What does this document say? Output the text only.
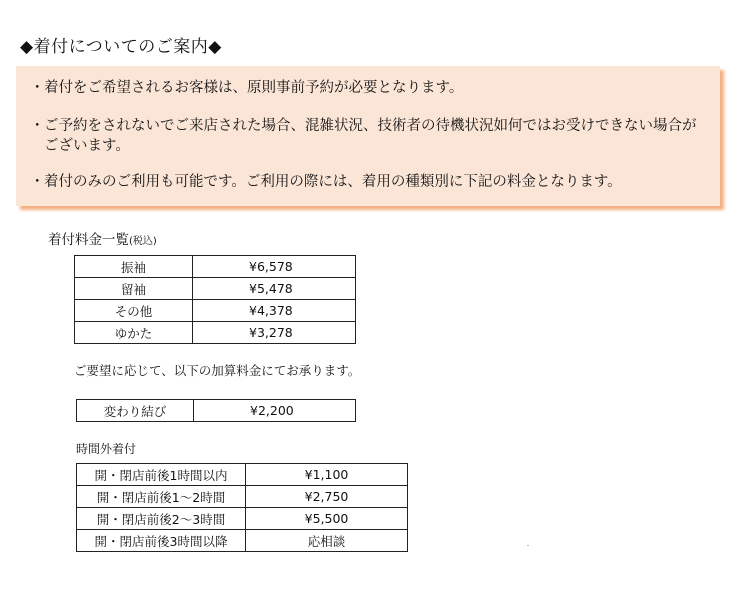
◆着付についてのご案内◆
・ 着付をご希望されるお客様は、原則事前予約が必要となります。
・ ご予約をされないでご来店された場合、混雑状況、技術者の待機状況如何ではお受けできない場合がございます。
・ 着付のみのご利用も可能です。ご利用の際には、着用の種類別に下記の料金となります。
着付料金一覧(税込)
振袖	¥6,578
留袖	¥5,478
その他	¥4,378
ゆかた	¥3,278
ご要望に応じて、以下の加算料金にてお承ります。
変わり結び	¥2,200
時間外着付
開・閉店前後1時間以内	¥1,100
開・閉店前後1～2時間	¥2,750
開・閉店前後2～3時間	¥5,500
開・閉店前後3時間以降	応相談
